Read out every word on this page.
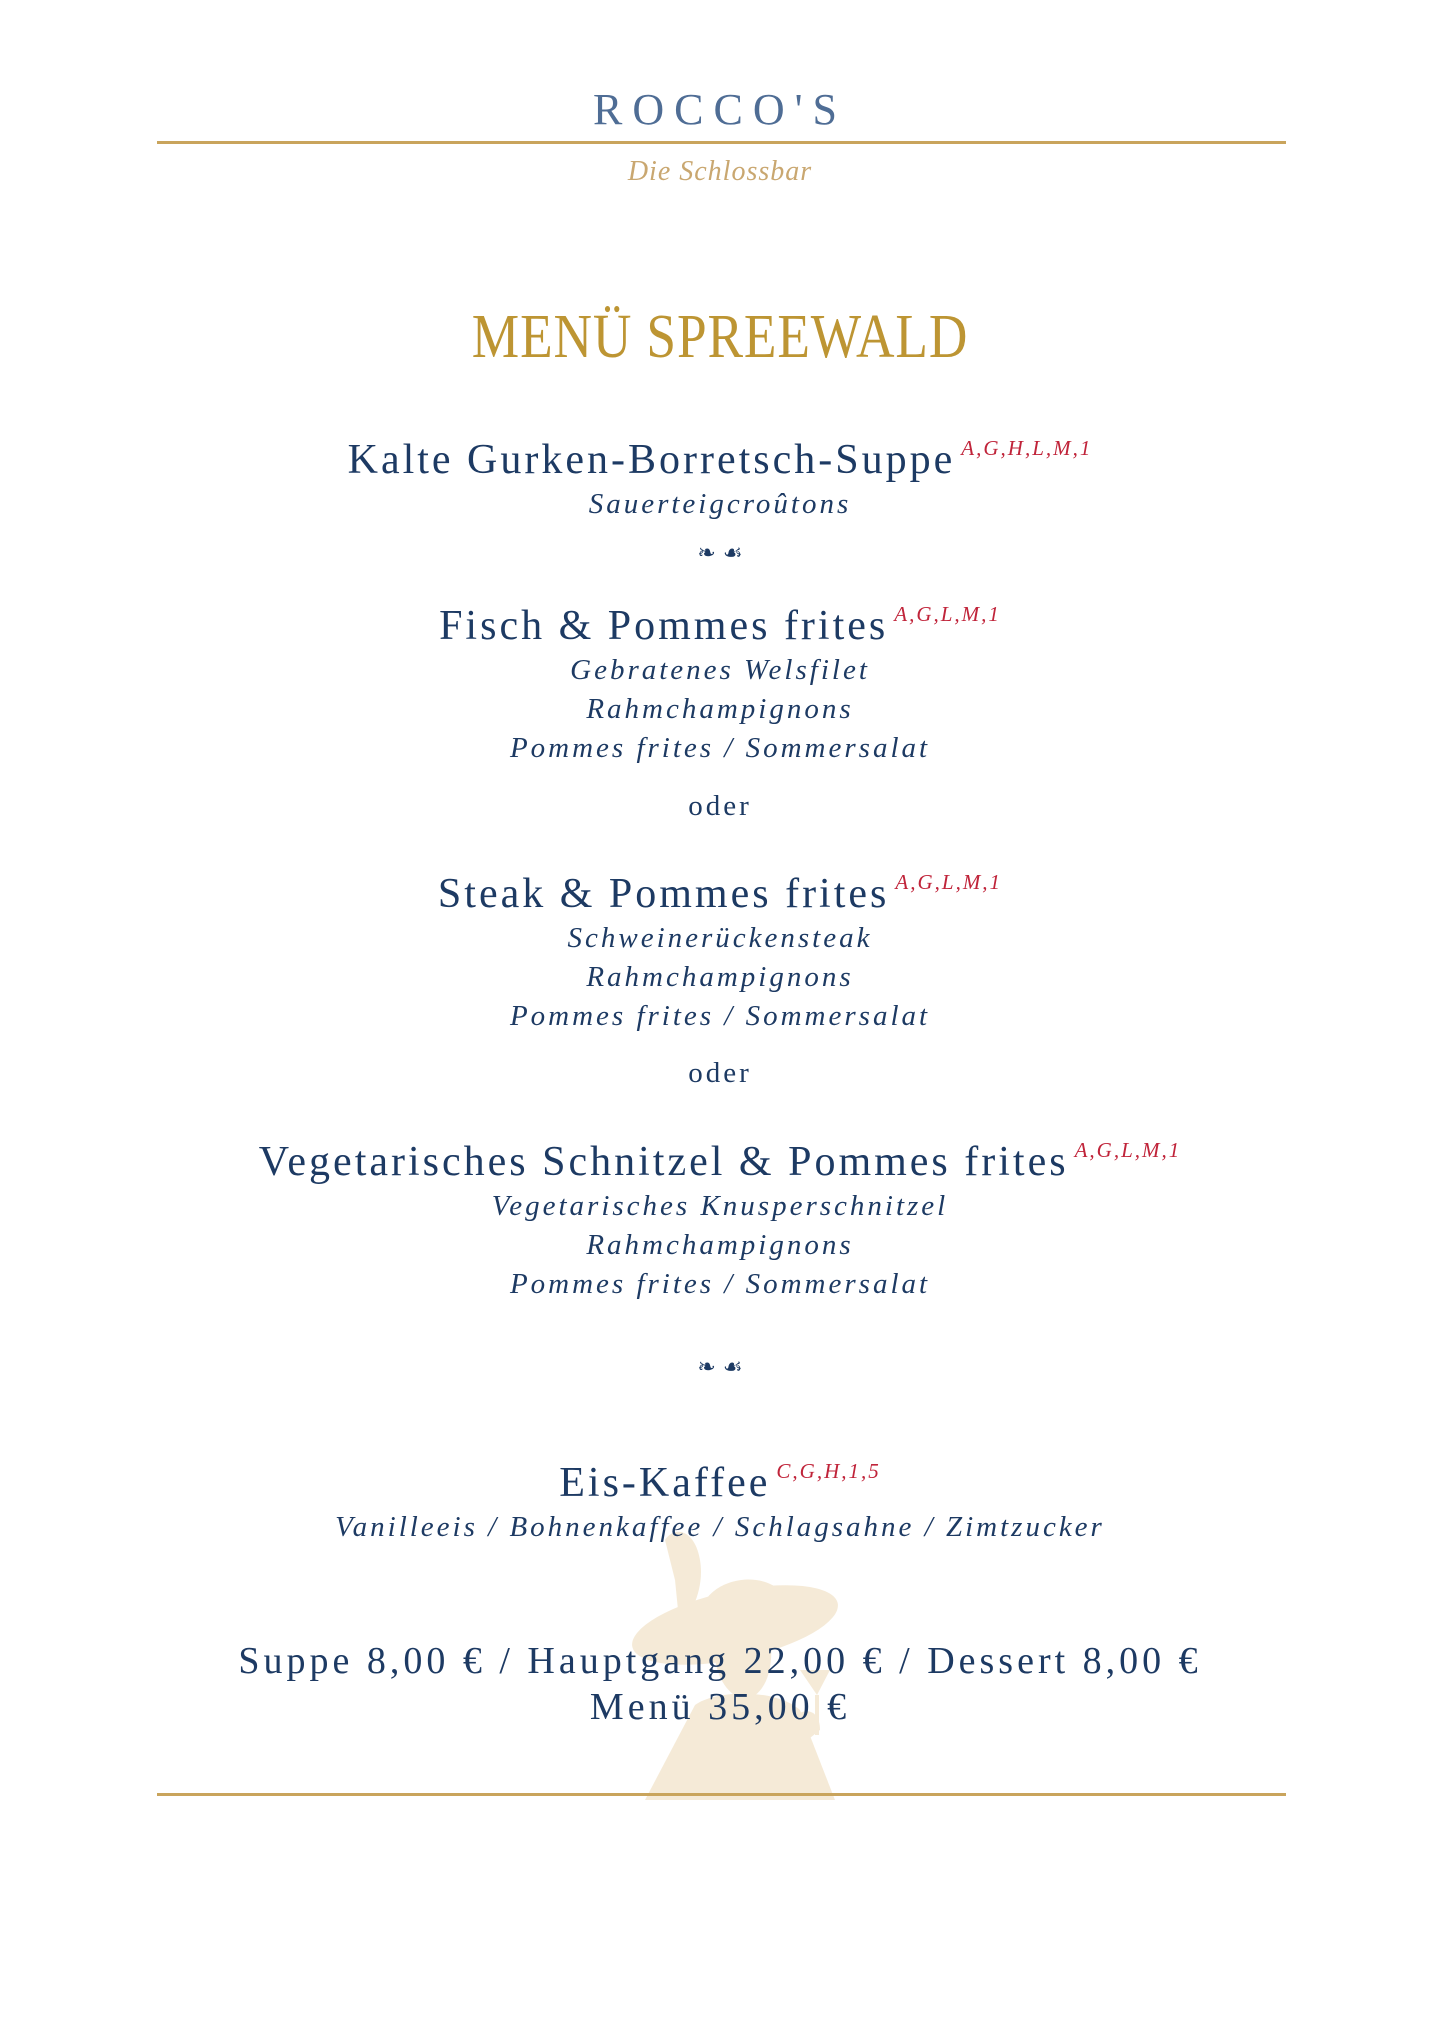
ROCCO'S
Die Schlossbar
MENÜ SPREEWALD
Kalte Gurken-Borretsch-Suppe $^{A,G,H,L,M,1}$
Sauerteigcroûtons
❧ ☙
Fisch & Pommes frites $^{A,G,L,M,1}$
Gebratenes Welsfilet
Rahmchampignons
Pommes frites / Sommersalat
oder
Steak & Pommes frites $^{A,G,L,M,1}$
Schweinerückensteak
Rahmchampignons
Pommes frites / Sommersalat
oder
Vegetarisches Schnitzel & Pommes frites $^{A,G,L,M,1}$
Vegetarisches Knusperschnitzel
Rahmchampignons
Pommes frites / Sommersalat
❧ ☙
Eis-Kaffee $^{C,G,H,1,5}$
Vanilleeis / Bohnenkaffee / Schlagsahne / Zimtzucker
Suppe 8,00 € / Hauptgang 22,00 € / Dessert 8,00 €
Menü 35,00 €
